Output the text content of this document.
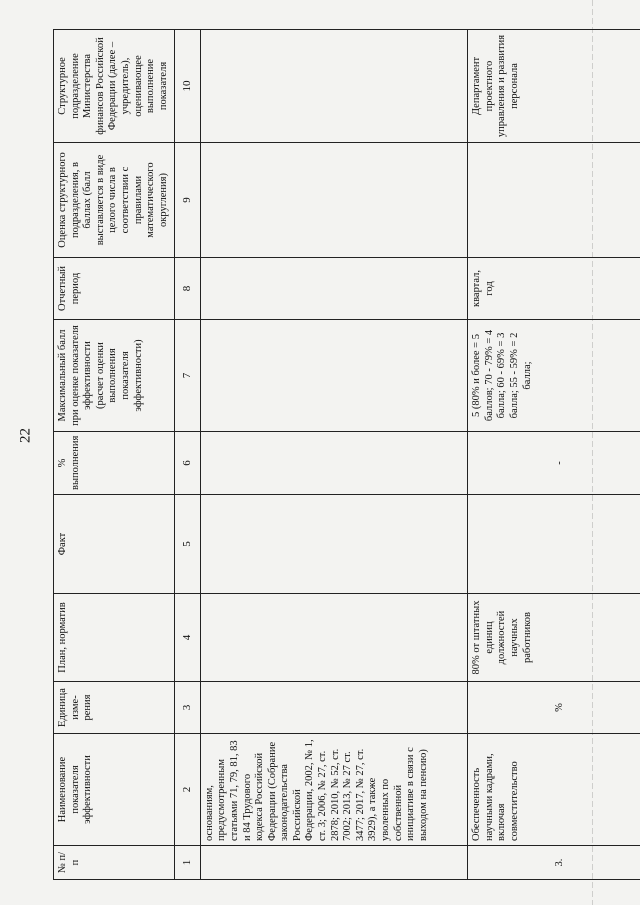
22
№ п/п	Наименование показателя эффективности	Единица изме- рения	План, норматив	Факт	% выполнения	Максимальный балл при оценке показателя эффективности (расчет оценки выполнения показателя эффективности)	Отчетный период	Оценка структурного подразделения, в баллах (балл выставляется в виде целого числа в соответствии с правилами математического округления)	Структурное подразделение Министерства финансов Российской Федерации (далее – учредитель), оценивающее выполнение показателя
1	2	3	4	5	6	7	8	9	10
	основаниям, предусмотренным статьями 71, 79, 81, 83 и 84 Трудового кодекса Российской Федерации (Собрание законодательства Российской Федерации, 2002, № 1, ст. 3; 2006, № 27, ст. 2878; 2010, № 52, ст. 7002; 2013, № 27 ст. 3477; 2017, № 27, ст. 3929), а также уволенных по собственной инициативе в связи с выходом на пенсию)								
3.	Обеспеченность научными кадрами, включая совместительство	%	80% от штатных единиц должностей научных работников		-	5 (80% и более = 5 баллов; 70 - 79% = 4 балла; 60 - 69% = 3 балла; 55 - 59% = 2 балла;	квартал, год		Департамент проектного управления и развития персонала
